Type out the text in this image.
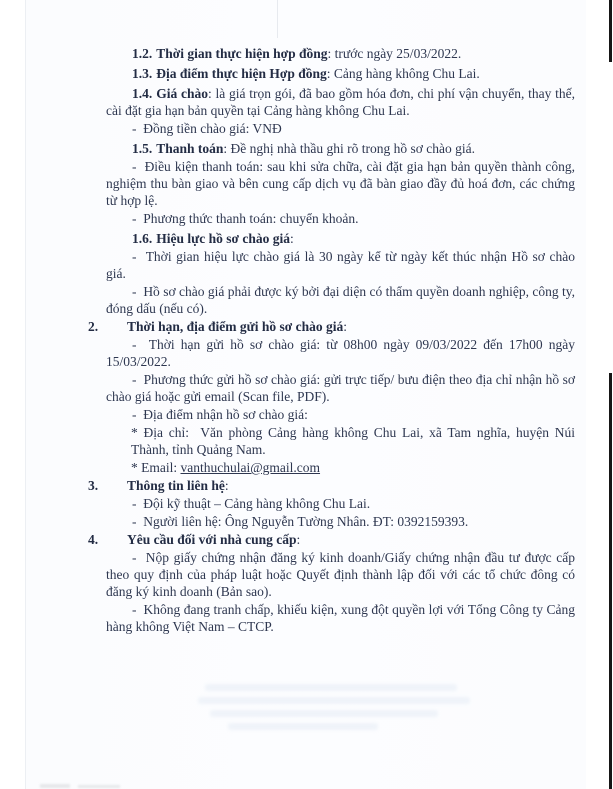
1.2. Thời gian thực hiện hợp đồng: trước ngày 25/03/2022.
1.3. Địa điểm thực hiện Hợp đồng: Cảng hàng không Chu Lai.
1.4. Giá chào: là giá trọn gói, đã bao gồm hóa đơn, chi phí vận chuyển, thay thế, cài đặt gia hạn bản quyền tại Cảng hàng không Chu Lai.
-  Đồng tiền chào giá: VNĐ
1.5. Thanh toán: Đề nghị nhà thầu ghi rõ trong hồ sơ chào giá.
-  Điều kiện thanh toán: sau khi sửa chữa, cài đặt gia hạn bản quyền thành công, nghiệm thu bàn giao và bên cung cấp dịch vụ đã bàn giao đầy đủ hoá đơn, các chứng từ hợp lệ.
-  Phương thức thanh toán: chuyển khoản.
1.6. Hiệu lực hồ sơ chào giá:
-  Thời gian hiệu lực chào giá là 30 ngày kể từ ngày kết thúc nhận Hồ sơ chào giá.
-  Hồ sơ chào giá phải được ký bởi đại diện có thẩm quyền doanh nghiệp, công ty, đóng dấu (nếu có).
2. Thời hạn, địa điểm gửi hồ sơ chào giá:
-  Thời hạn gửi hồ sơ chào giá: từ 08h00 ngày 09/03/2022 đến 17h00 ngày 15/03/2022.
-  Phương thức gửi hồ sơ chào giá: gửi trực tiếp/ bưu điện theo địa chỉ nhận hồ sơ chào giá hoặc gửi email (Scan file, PDF).
-  Địa điểm nhận hồ sơ chào giá:
* Địa chỉ:  Văn phòng Cảng hàng không Chu Lai, xã Tam nghĩa, huyện Núi Thành, tỉnh Quảng Nam.
* Email: vanthuchulai@gmail.com
3. Thông tin liên hệ:
-  Đội kỹ thuật – Cảng hàng không Chu Lai.
-  Người liên hệ: Ông Nguyễn Tường Nhân. ĐT: 0392159393.
4. Yêu cầu đối với nhà cung cấp:
-  Nộp giấy chứng nhận đăng ký kinh doanh/Giấy chứng nhận đầu tư được cấp theo quy định của pháp luật hoặc Quyết định thành lập đối với các tổ chức đông có đăng ký kinh doanh (Bản sao).
-  Không đang tranh chấp, khiếu kiện, xung đột quyền lợi với Tổng Công ty Cảng hàng không Việt Nam – CTCP.
